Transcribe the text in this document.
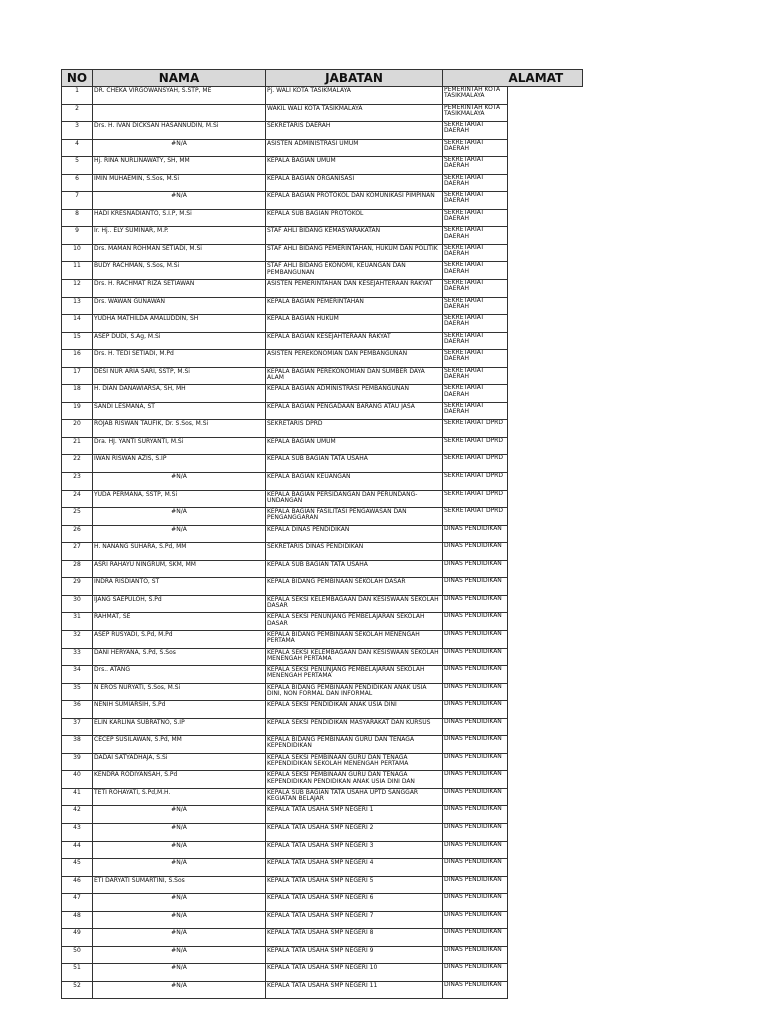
NO	NAMA	JABATAN		ALAMAT
1	DR. CHEKA VIRGOWANSYAH, S.STP, ME	Pj. WALI KOTA TASIKMALAYA	PEMERINTAH KOTA TASIKMALAYA	
2		WAKIL WALI KOTA TASIKMALAYA	PEMERINTAH KOTA TASIKMALAYA	
3	Drs. H. IVAN DICKSAN HASANNUDIN, M.Si	SEKRETARIS DAERAH	SEKRETARIAT DAERAH	
4	#N/A	ASISTEN ADMINISTRASI UMUM	SEKRETARIAT DAERAH	
5	Hj. RINA NURLINAWATY, SH, MM	KEPALA BAGIAN UMUM	SEKRETARIAT DAERAH	
6	IMIN MUHAEMIN, S.Sos, M.Si	KEPALA BAGIAN ORGANISASI	SEKRETARIAT DAERAH	
7	#N/A	KEPALA BAGIAN PROTOKOL DAN KOMUNIKASI PIMPINAN	SEKRETARIAT DAERAH	
8	HADI KRESNADIANTO, S.I.P, M.Si	KEPALA SUB BAGIAN PROTOKOL	SEKRETARIAT DAERAH	
9	Ir. Hj.. ELY SUMINAR, M.P.	STAF AHLI BIDANG KEMASYARAKATAN	SEKRETARIAT DAERAH	
10	Drs. MAMAN ROHMAN SETIADI, M.Si	STAF AHLI BIDANG PEMERINTAHAN, HUKUM DAN POLITIK	SEKRETARIAT DAERAH	
11	BUDY RACHMAN, S.Sos, M.Si	STAF AHLI BIDANG EKONOMI, KEUANGAN DAN PEMBANGUNAN	SEKRETARIAT DAERAH	
12	Drs. H. RACHMAT RIZA SETIAWAN	ASISTEN PEMERINTAHAN DAN KESEJAHTERAAN RAKYAT	SEKRETARIAT DAERAH	
13	Drs. WAWAN GUNAWAN	KEPALA BAGIAN PEMERINTAHAN	SEKRETARIAT DAERAH	
14	YUDHA MATHILDA AMALUDDIN, SH	KEPALA BAGIAN HUKUM	SEKRETARIAT DAERAH	
15	ASEP DUDI, S.Ag, M.Si	KEPALA BAGIAN KESEJAHTERAAN RAKYAT	SEKRETARIAT DAERAH	
16	Drs. H. TEDI SETIADI, M.Pd	ASISTEN PEREKONOMIAN DAN PEMBANGUNAN	SEKRETARIAT DAERAH	
17	DESI NUR ARIA SARI, SSTP, M.Si	KEPALA BAGIAN PEREKONOMIAN DAN SUMBER DAYA ALAM	SEKRETARIAT DAERAH	
18	H. DIAN DANAWIARSA, SH, MH	KEPALA BAGIAN ADMINISTRASI PEMBANGUNAN	SEKRETARIAT DAERAH	
19	SANDI LESMANA, ST	KEPALA BAGIAN PENGADAAN BARANG ATAU JASA	SEKRETARIAT DAERAH	
20	ROJAB RISWAN TAUFIK, Dr. S.Sos, M.Si	SEKRETARIS DPRD	SEKRETARIAT DPRD	
21	Dra. HJ. YANTI SURYANTI, M.Si	KEPALA BAGIAN UMUM	SEKRETARIAT DPRD	
22	IWAN RISWAN AZIS, S.IP	KEPALA SUB BAGIAN TATA USAHA	SEKRETARIAT DPRD	
23	#N/A	KEPALA BAGIAN KEUANGAN	SEKRETARIAT DPRD	
24	YUDA PERMANA, SSTP, M.Si	KEPALA BAGIAN PERSIDANGAN DAN PERUNDANG-UNDANGAN	SEKRETARIAT DPRD	
25	#N/A	KEPALA BAGIAN FASILITASI PENGAWASAN DAN PENGANGGARAN	SEKRETARIAT DPRD	
26	#N/A	KEPALA DINAS PENDIDIKAN	DINAS PENDIDIKAN	
27	H. NANANG SUHARA, S.Pd, MM	SEKRETARIS DINAS PENDIDIKAN	DINAS PENDIDIKAN	
28	ASRI RAHAYU NINGRUM, SKM, MM	KEPALA SUB BAGIAN TATA USAHA	DINAS PENDIDIKAN	
29	INDRA RISDIANTO, ST	KEPALA BIDANG PEMBINAAN SEKOLAH DASAR	DINAS PENDIDIKAN	
30	IJANG SAEPULOH, S.Pd	KEPALA SEKSI KELEMBAGAAN DAN KESISWAAN SEKOLAH DASAR	DINAS PENDIDIKAN	
31	RAHMAT, SE	KEPALA SEKSI PENUNJANG PEMBELAJARAN SEKOLAH DASAR	DINAS PENDIDIKAN	
32	ASEP RUSYADI, S.Pd, M.Pd	KEPALA BIDANG PEMBINAAN SEKOLAH MENENGAH PERTAMA	DINAS PENDIDIKAN	
33	DANI HERYANA, S.Pd, S.Sos	KEPALA SEKSI KELEMBAGAAN DAN KESISWAAN SEKOLAH MENENGAH PERTAMA	DINAS PENDIDIKAN	
34	Drs.. ATANG	KEPALA SEKSI PENUNJANG PEMBELAJARAN SEKOLAH MENENGAH PERTAMA	DINAS PENDIDIKAN	
35	N EROS NURYATI, S.Sos, M.Si	KEPALA BIDANG PEMBINAAN PENDIDIKAN ANAK USIA DINI, NON FORMAL DAN INFORMAL	DINAS PENDIDIKAN	
36	NENIH SUMIARSIH, S.Pd	KEPALA SEKSI PENDIDIKAN ANAK USIA DINI	DINAS PENDIDIKAN	
37	ELIN KARLINA SUBRATNO, S.IP	KEPALA SEKSI PENDIDIKAN MASYARAKAT DAN KURSUS	DINAS PENDIDIKAN	
38	CECEP SUSILAWAN, S.Pd, MM	KEPALA BIDANG PEMBINAAN GURU DAN TENAGA KEPENDIDIKAN	DINAS PENDIDIKAN	
39	DADAI SATYADHAJA, S.Si	KEPALA SEKSI PEMBINAAN GURU DAN TENAGA KEPENDIDIKAN SEKOLAH MENENGAH PERTAMA	DINAS PENDIDIKAN	
40	KENDRA RODIYANSAH, S.Pd	KEPALA SEKSI PEMBINAAN GURU DAN TENAGA KEPENDIDIKAN PENDIDIKAN ANAK USIA DINI DAN	DINAS PENDIDIKAN	
41	TETI ROHAYATI, S.Pd,M.H.	KEPALA SUB BAGIAN TATA USAHA UPTD SANGGAR KEGIATAN BELAJAR	DINAS PENDIDIKAN	
42	#N/A	KEPALA TATA USAHA SMP NEGERI 1	DINAS PENDIDIKAN	
43	#N/A	KEPALA TATA USAHA SMP NEGERI 2	DINAS PENDIDIKAN	
44	#N/A	KEPALA TATA USAHA SMP NEGERI 3	DINAS PENDIDIKAN	
45	#N/A	KEPALA TATA USAHA SMP NEGERI 4	DINAS PENDIDIKAN	
46	ETI DARYATI SUMARTINI, S.Sos	KEPALA TATA USAHA SMP NEGERI 5	DINAS PENDIDIKAN	
47	#N/A	KEPALA TATA USAHA SMP NEGERI 6	DINAS PENDIDIKAN	
48	#N/A	KEPALA TATA USAHA SMP NEGERI 7	DINAS PENDIDIKAN	
49	#N/A	KEPALA TATA USAHA SMP NEGERI 8	DINAS PENDIDIKAN	
50	#N/A	KEPALA TATA USAHA SMP NEGERI 9	DINAS PENDIDIKAN	
51	#N/A	KEPALA TATA USAHA SMP NEGERI 10	DINAS PENDIDIKAN	
52	#N/A	KEPALA TATA USAHA SMP NEGERI 11	DINAS PENDIDIKAN	
